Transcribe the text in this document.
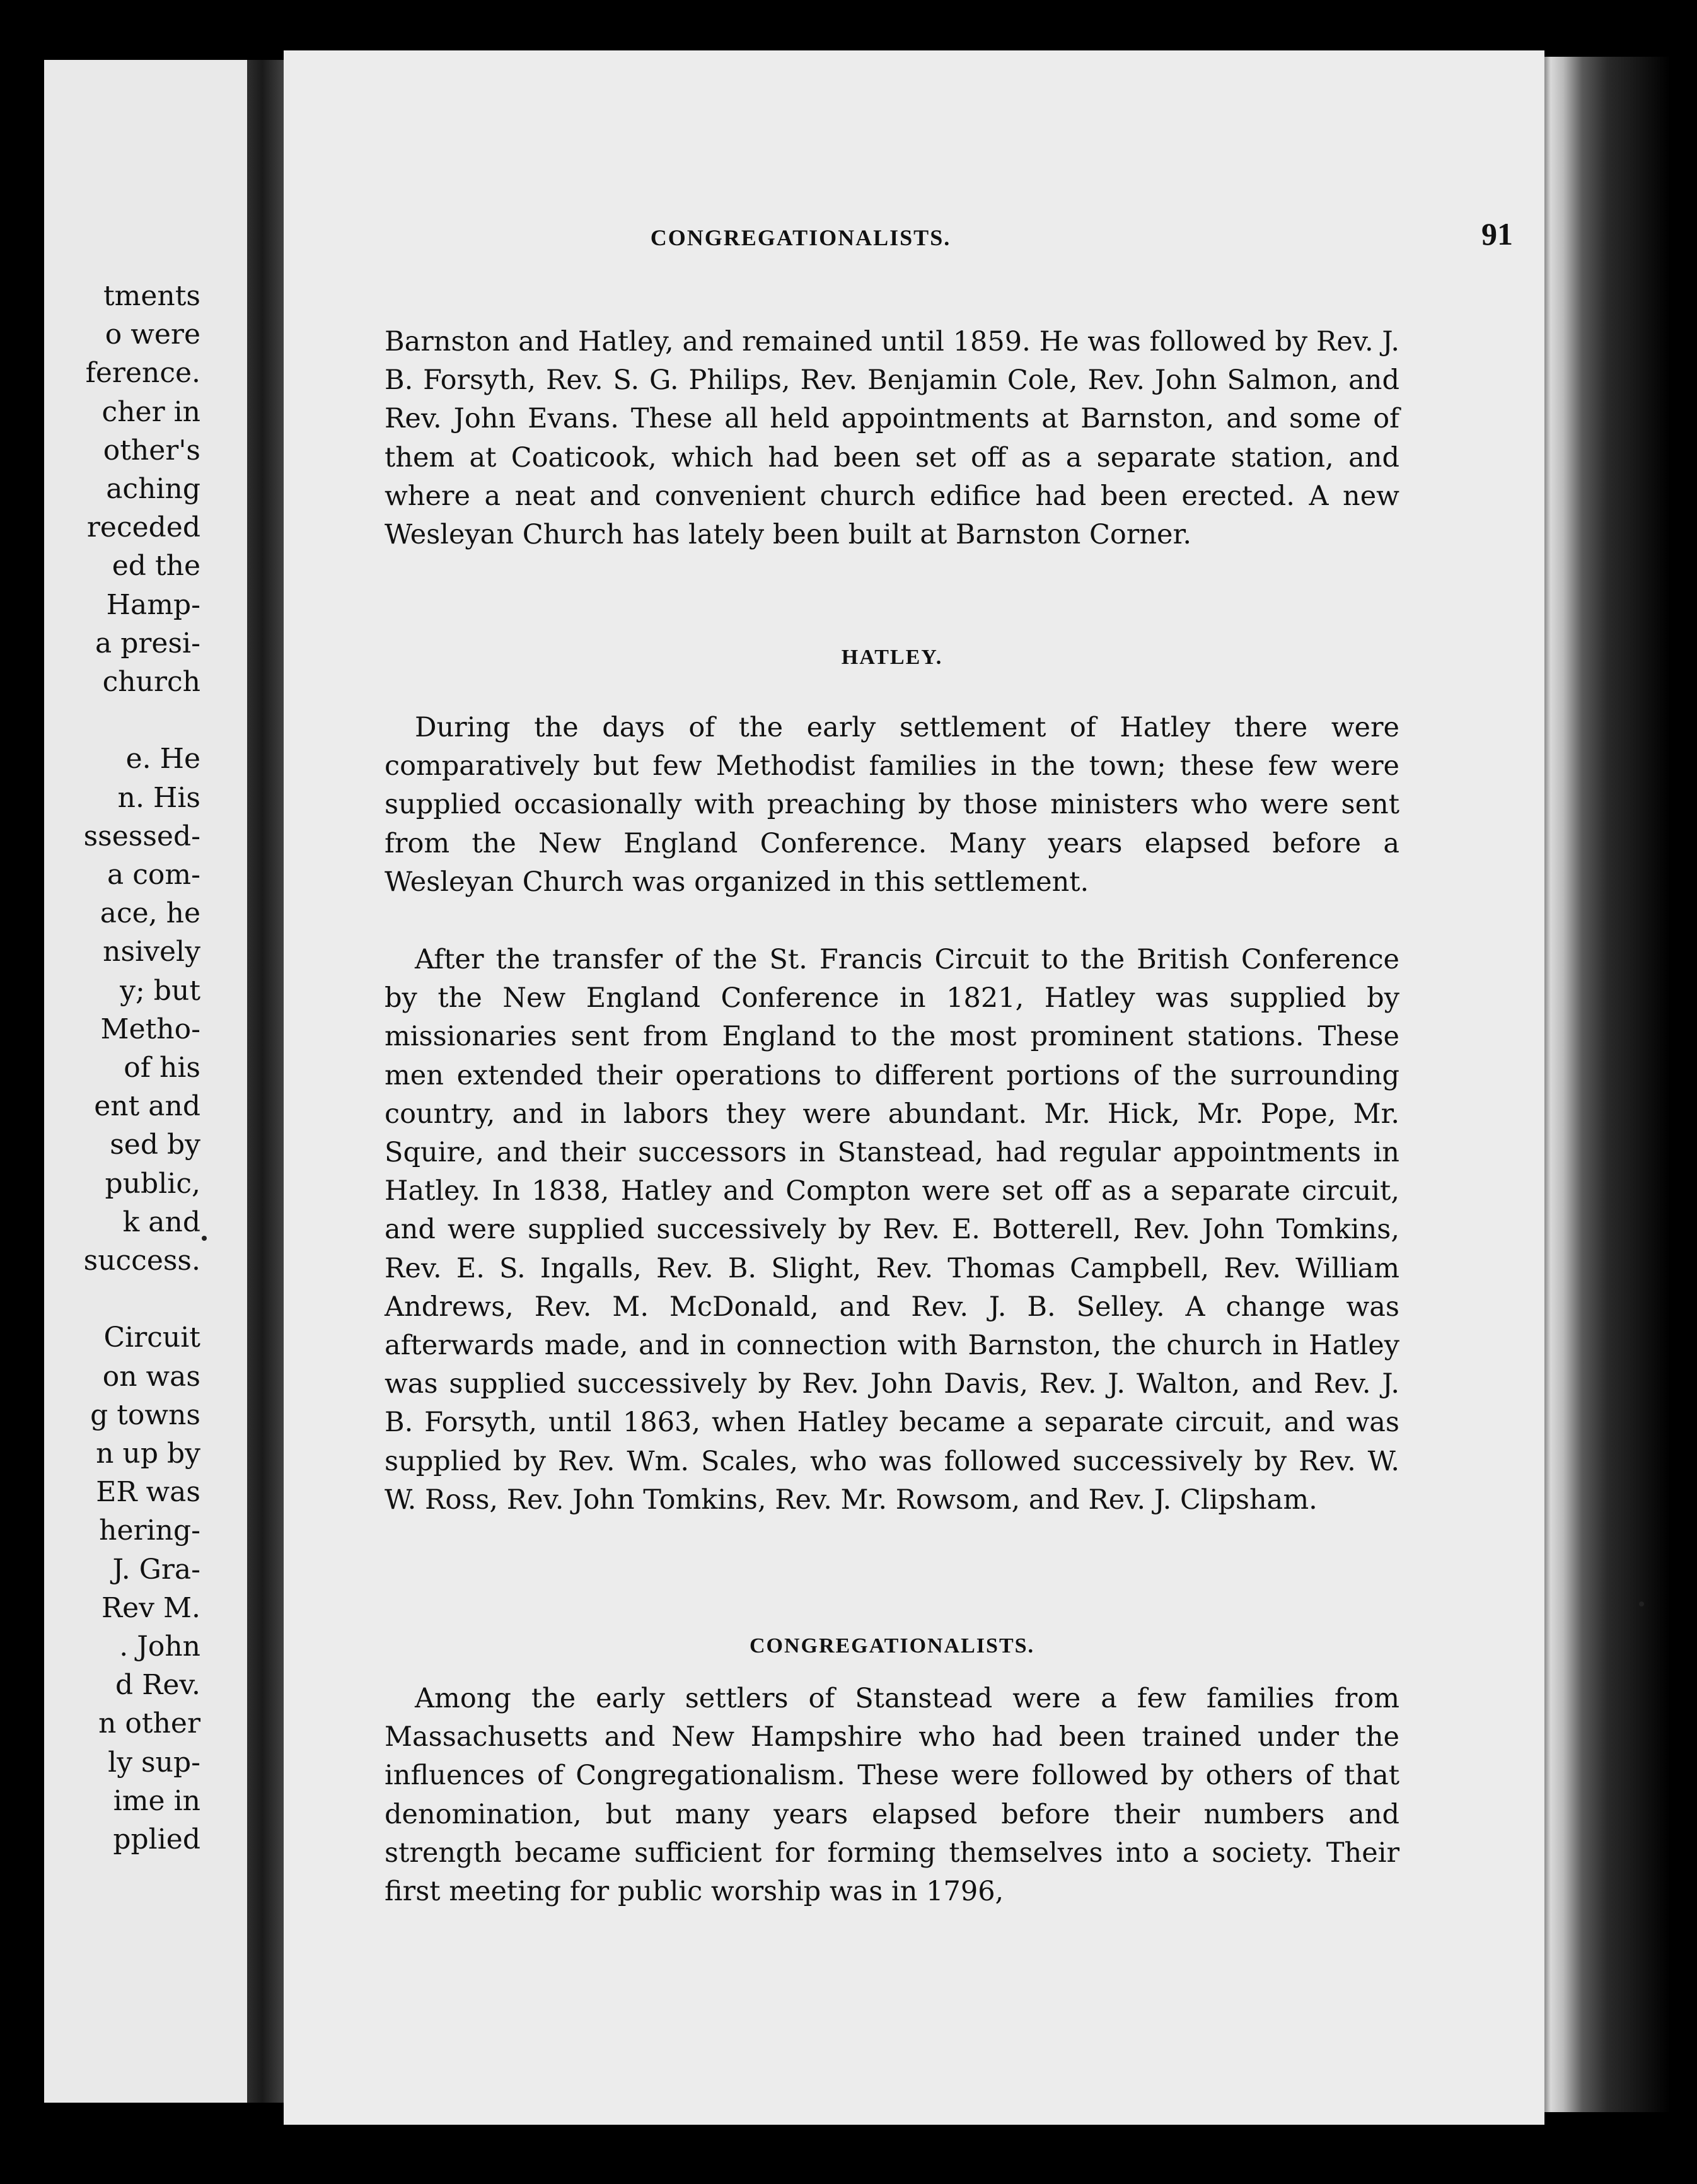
tments
o were
ference.
cher in
other's
aching
receded
ed the
Hamp-
a presi-
church
e. He
n. His
ssessed-
a com-
ace, he
nsively
y; but
Metho-
of his
ent and
sed by
public,
k and
success.
Circuit
on was
g towns
n up by
ER was
hering-
J. Gra-
Rev M.
. John
d Rev.
n other
ly sup-
ime in
pplied
CONGREGATIONALISTS.	91

Barnston and Hatley, and remained until 1859. He was followed by Rev. J. B. Forsyth, Rev. S. G. Philips, Rev. Benjamin Cole, Rev. John Salmon, and Rev. John Evans. These all held appointments at Barnston, and some of them at Coaticook, which had been set off as a separate station, and where a neat and convenient church edifice had been erected. A new Wesleyan Church has lately been built at Barnston Corner.

HATLEY.

During the days of the early settlement of Hatley there were comparatively but few Methodist families in the town; these few were supplied occasionally with preaching by those ministers who were sent from the New England Conference. Many years elapsed before a Wesleyan Church was organized in this settlement.

After the transfer of the St. Francis Circuit to the British Conference by the New England Conference in 1821, Hatley was supplied by missionaries sent from England to the most prominent stations. These men extended their operations to different portions of the surrounding country, and in labors they were abundant. Mr. Hick, Mr. Pope, Mr. Squire, and their successors in Stanstead, had regular appointments in Hatley. In 1838, Hatley and Compton were set off as a separate circuit, and were supplied successively by Rev. E. Botterell, Rev. John Tomkins, Rev. E. S. Ingalls, Rev. B. Slight, Rev. Thomas Campbell, Rev. William Andrews, Rev. M. McDonald, and Rev. J. B. Selley. A change was afterwards made, and in connection with Barnston, the church in Hatley was supplied successively by Rev. John Davis, Rev. J. Walton, and Rev. J. B. Forsyth, until 1863, when Hatley became a separate circuit, and was supplied by Rev. Wm. Scales, who was followed successively by Rev. W. W. Ross, Rev. John Tomkins, Rev. Mr. Rowsom, and Rev. J. Clipsham.

CONGREGATIONALISTS.

Among the early settlers of Stanstead were a few families from Massachusetts and New Hampshire who had been trained under the influences of Congregationalism. These were followed by others of that denomination, but many years elapsed before their numbers and strength became sufficient for forming themselves into a society. Their first meeting for public worship was in 1796,
